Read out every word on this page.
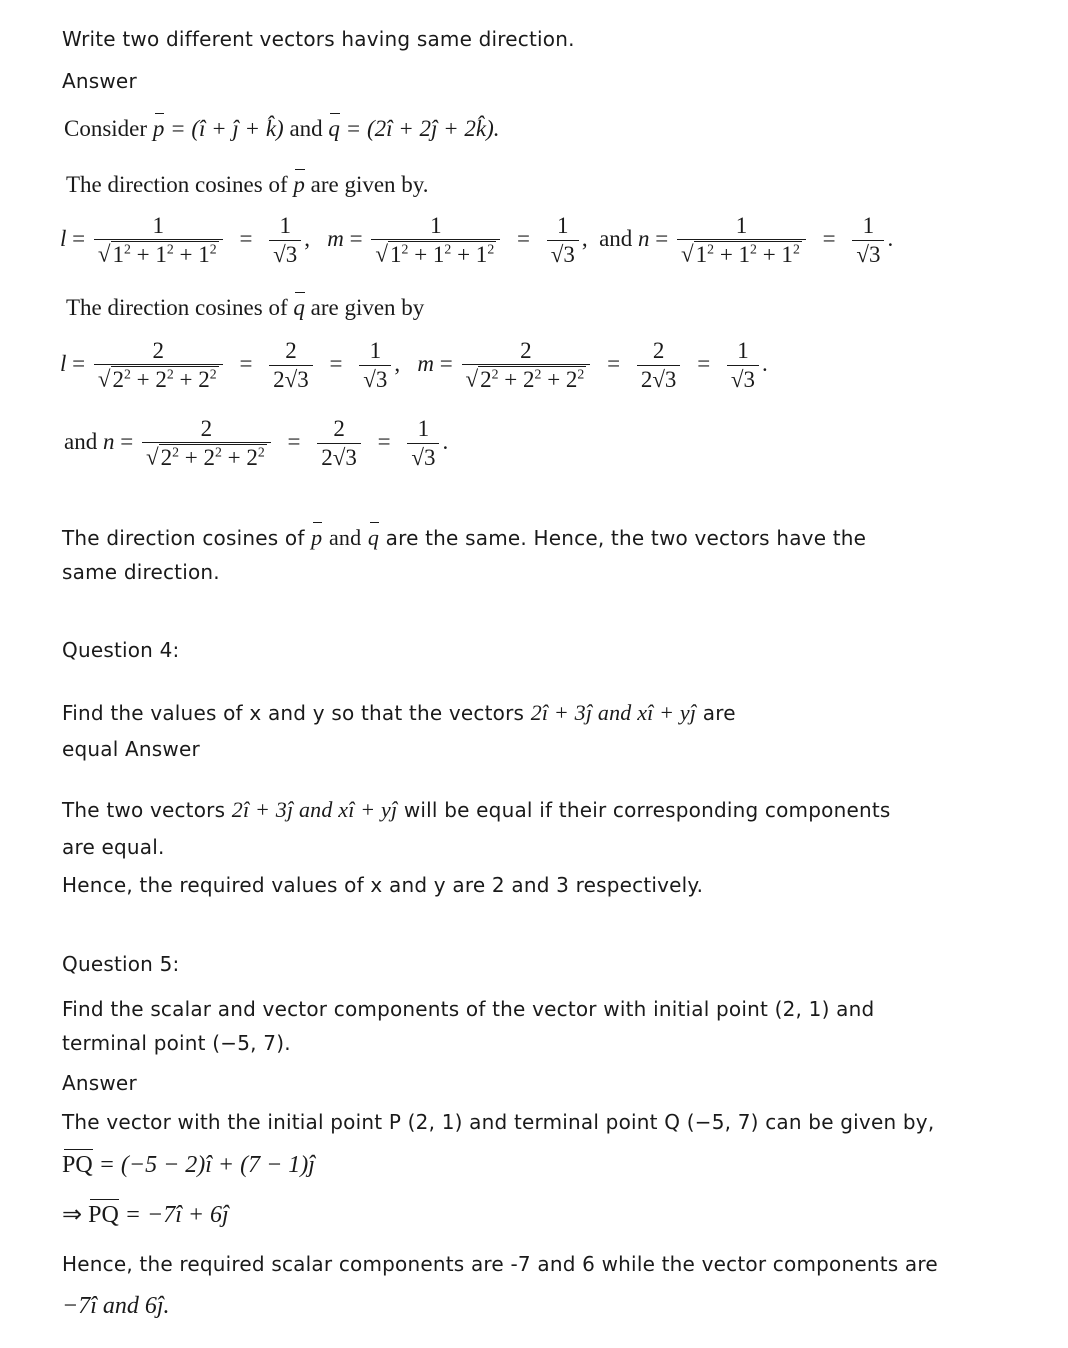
Write two different vectors having same direction.
Answer
Consider p = (î + ĵ + k̂) and q = (2î + 2ĵ + 2k̂).
The direction cosines of p are given by.
$l = \frac{1}{√1^2 + 1^2 + 1^2} = \frac{1}{√3}$ ,   $m = \frac{1}{√1^2 + 1^2 + 1^2} = \frac{1}{√3}$ ,  and $n = \frac{1}{√1^2 + 1^2 + 1^2} = \frac{1}{√3}$ .
The direction cosines of q are given by
$l = \frac{2}{√2^2 + 2^2 + 2^2} = \frac{2}{2√3} = \frac{1}{√3}$ ,   $m = \frac{2}{√2^2 + 2^2 + 2^2} = \frac{2}{2√3} = \frac{1}{√3}$ .
and $n = \frac{2}{√2^2 + 2^2 + 2^2} = \frac{2}{2√3} = \frac{1}{√3}$ .
The direction cosines of p and q are the same. Hence, the two vectors have the
same direction.
Question 4:
Find the values of x and y so that the vectors 2î + 3ĵ and xî + yĵ are
equal Answer
The two vectors 2î + 3ĵ and xî + yĵ will be equal if their corresponding components
are equal.
Hence, the required values of x and y are 2 and 3 respectively.
Question 5:
Find the scalar and vector components of the vector with initial point (2, 1) and
terminal point (−5, 7).
Answer
The vector with the initial point P (2, 1) and terminal point Q (−5, 7) can be given by,
PQ = (−5 − 2)î + (7 − 1)ĵ
⇒ PQ = −7î + 6ĵ
Hence, the required scalar components are -7 and 6 while the vector components are
−7î and 6ĵ.
